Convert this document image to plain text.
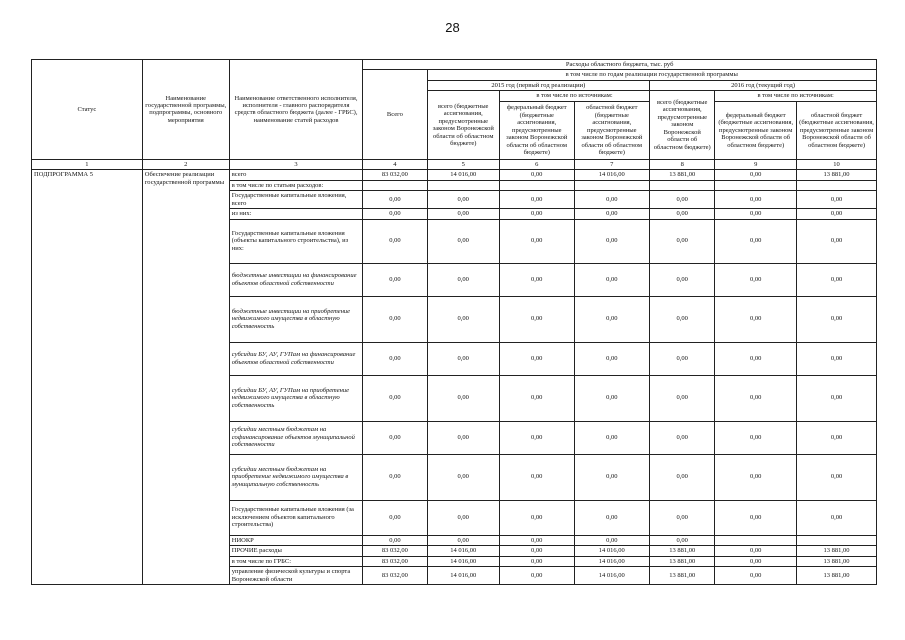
28
Статус	Наименование государственной программы, подпрограммы, основного мероприятия	Наименование ответственного исполнителя, исполнителя - главного распорядителя средств областного бюджета (далее - ГРБС), наименование статей расходов	Расходы областного бюджета, тыс. руб						
			Всего	в том числе по годам реализации государственной программы					
				2015 год (первый год реализации)			2016 год (текущий год)		
				всего (бюджетные ассигнования, предусмотренные законом Воронежской области об областном бюджете)	в том числе по источникам:		всего (бюджетные ассигнования, предусмотренные законом Воронежской области об областном бюджете)	в том числе по источникам:	
					федеральный бюджет (бюджетные ассигнования, предусмотренные законом Воронежской области об областном бюджете)	областной бюджет (бюджетные ассигнования, предусмотренные законом Воронежской области об областном бюджете)		федеральный бюджет (бюджетные ассигнования, предусмотренные законом Воронежской области об областном бюджете)	областной бюджет (бюджетные ассигнования, предусмотренные законом Воронежской области об областном бюджете)
1	2	3	4	5	6	7	8	9	10
ПОДПРОГРАММА 5	Обеспечение реализации государственной программы	всего	83 032,00	14 016,00	0,00	14 016,00	13 881,00	0,00	13 881,00
		в том числе по статьям расходов:							
		Государственные капитальные вложения, всего	0,00	0,00	0,00	0,00	0,00	0,00	0,00
		из них:	0,00	0,00	0,00	0,00	0,00	0,00	0,00
		Государственные капитальные вложения (объекты капитального строительства), из них:	0,00	0,00	0,00	0,00	0,00	0,00	0,00
		бюджетные инвестиции на финансирование объектов областной собственности	0,00	0,00	0,00	0,00	0,00	0,00	0,00
		бюджетные инвестиции на приобретение недвижимого имущества в областную собственность	0,00	0,00	0,00	0,00	0,00	0,00	0,00
		субсидии БУ, АУ, ГУПам на финансирование объектов областной собственности	0,00	0,00	0,00	0,00	0,00	0,00	0,00
		субсидии БУ, АУ, ГУПам на приобретение недвижимого имущества в областную собственность	0,00	0,00	0,00	0,00	0,00	0,00	0,00
		субсидии местным бюджетам на софинансирование объектов муниципальной собственности	0,00	0,00	0,00	0,00	0,00	0,00	0,00
		субсидии местным бюджетам на приобретение недвижимого имущества в муниципальную собственность	0,00	0,00	0,00	0,00	0,00	0,00	0,00
		Государственные капитальные вложения (за исключением объектов капитального строительства)	0,00	0,00	0,00	0,00	0,00	0,00	0,00
		НИОКР	0,00	0,00	0,00	0,00	0,00		
		ПРОЧИЕ расходы	83 032,00	14 016,00	0,00	14 016,00	13 881,00	0,00	13 881,00
		в том числе по ГРБС:	83 032,00	14 016,00	0,00	14 016,00	13 881,00	0,00	13 881,00
		управление физической культуры и спорта Воронежской области	83 032,00	14 016,00	0,00	14 016,00	13 881,00	0,00	13 881,00
